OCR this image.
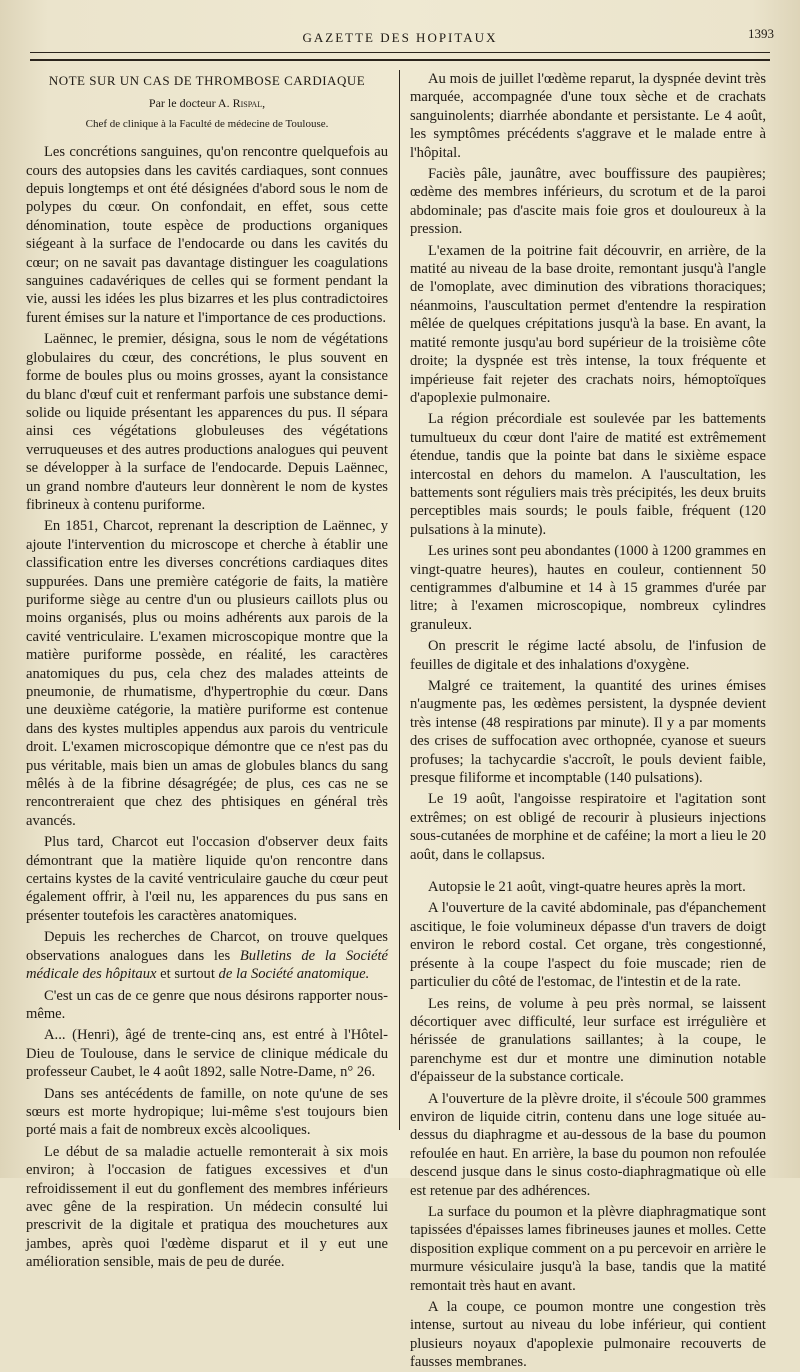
GAZETTE DES HOPITAUX	1393
NOTE SUR UN CAS DE THROMBOSE CARDIAQUE
Par le docteur A. Rispal,
Chef de clinique à la Faculté de médecine de Toulouse.

Les concrétions sanguines, qu'on rencontre quelquefois au cours des autopsies dans les cavités cardiaques, sont connues depuis longtemps et ont été désignées d'abord sous le nom de polypes du cœur. On confondait, en effet, sous cette dénomination, toute espèce de productions organiques siégeant à la surface de l'endocarde ou dans les cavités du cœur; on ne savait pas davantage distinguer les coagulations sanguines cadavériques de celles qui se forment pendant la vie, aussi les idées les plus bizarres et les plus contradictoires furent émises sur la nature et l'importance de ces productions.

Laënnec, le premier, désigna, sous le nom de végétations globulaires du cœur, des concrétions, le plus souvent en forme de boules plus ou moins grosses, ayant la consistance du blanc d'œuf cuit et renfermant parfois une substance demi-solide ou liquide présentant les apparences du pus. Il sépara ainsi ces végétations globuleuses des végétations verruqueuses et des autres productions analogues qui peuvent se développer à la surface de l'endocarde. Depuis Laënnec, un grand nombre d'auteurs leur donnèrent le nom de kystes fibrineux à contenu puriforme.

En 1851, Charcot, reprenant la description de Laënnec, y ajoute l'intervention du microscope et cherche à établir une classification entre les diverses concrétions cardiaques dites suppurées. Dans une première catégorie de faits, la matière puriforme siège au centre d'un ou plusieurs caillots plus ou moins organisés, plus ou moins adhérents aux parois de la cavité ventriculaire. L'examen microscopique montre que la matière puriforme possède, en réalité, les caractères anatomiques du pus, cela chez des malades atteints de pneumonie, de rhumatisme, d'hypertrophie du cœur. Dans une deuxième catégorie, la matière puriforme est contenue dans des kystes multiples appendus aux parois du ventricule droit. L'examen microscopique démontre que ce n'est pas du pus véritable, mais bien un amas de globules blancs du sang mêlés à de la fibrine désagrégée; de plus, ces cas ne se rencontreraient que chez des phtisiques en général très avancés.

Plus tard, Charcot eut l'occasion d'observer deux faits démontrant que la matière liquide qu'on rencontre dans certains kystes de la cavité ventriculaire gauche du cœur peut également offrir, à l'œil nu, les apparences du pus sans en présenter toutefois les caractères anatomiques.

Depuis les recherches de Charcot, on trouve quelques observations analogues dans les Bulletins de la Société médicale des hôpitaux et surtout de la Société anatomique.

C'est un cas de ce genre que nous désirons rapporter nous-même.

A... (Henri), âgé de trente-cinq ans, est entré à l'Hôtel-Dieu de Toulouse, dans le service de clinique médicale du professeur Caubet, le 4 août 1892, salle Notre-Dame, n° 26.

Dans ses antécédents de famille, on note qu'une de ses sœurs est morte hydropique; lui-même s'est toujours bien porté mais a fait de nombreux excès alcooliques.

Le début de sa maladie actuelle remonterait à six mois environ; à l'occasion de fatigues excessives et d'un refroidissement il eut du gonflement des membres inférieurs avec gêne de la respiration. Un médecin consulté lui prescrivit de la digitale et pratiqua des mouchetures aux jambes, après quoi l'œdème disparut et il y eut une amélioration sensible, mais de peu de durée.

Au mois de juillet l'œdème reparut, la dyspnée devint très marquée, accompagnée d'une toux sèche et de crachats sanguinolents; diarrhée abondante et persistante. Le 4 août, les symptômes précédents s'aggrave et le malade entre à l'hôpital.

Faciès pâle, jaunâtre, avec bouffissure des paupières; œdème des membres inférieurs, du scrotum et de la paroi abdominale; pas d'ascite mais foie gros et douloureux à la pression.

L'examen de la poitrine fait découvrir, en arrière, de la matité au niveau de la base droite, remontant jusqu'à l'angle de l'omoplate, avec diminution des vibrations thoraciques; néanmoins, l'auscultation permet d'entendre la respiration mêlée de quelques crépitations jusqu'à la base. En avant, la matité remonte jusqu'au bord supérieur de la troisième côte droite; la dyspnée est très intense, la toux fréquente et impérieuse fait rejeter des crachats noirs, hémoptoïques d'apoplexie pulmonaire.

La région précordiale est soulevée par les battements tumultueux du cœur dont l'aire de matité est extrêmement étendue, tandis que la pointe bat dans le sixième espace intercostal en dehors du mamelon. A l'auscultation, les battements sont réguliers mais très précipités, les deux bruits perceptibles mais sourds; le pouls faible, fréquent (120 pulsations à la minute).

Les urines sont peu abondantes (1000 à 1200 grammes en vingt-quatre heures), hautes en couleur, contiennent 50 centigrammes d'albumine et 14 à 15 grammes d'urée par litre; à l'examen microscopique, nombreux cylindres granuleux.

On prescrit le régime lacté absolu, de l'infusion de feuilles de digitale et des inhalations d'oxygène.

Malgré ce traitement, la quantité des urines émises n'augmente pas, les œdèmes persistent, la dyspnée devient très intense (48 respirations par minute). Il y a par moments des crises de suffocation avec orthopnée, cyanose et sueurs profuses; la tachycardie s'accroît, le pouls devient faible, presque filiforme et incomptable (140 pulsations).

Le 19 août, l'angoisse respiratoire et l'agitation sont extrêmes; on est obligé de recourir à plusieurs injections sous-cutanées de morphine et de caféine; la mort a lieu le 20 août, dans le collapsus.

Autopsie le 21 août, vingt-quatre heures après la mort.

A l'ouverture de la cavité abdominale, pas d'épanchement ascitique, le foie volumineux dépasse d'un travers de doigt environ le rebord costal. Cet organe, très congestionné, présente à la coupe l'aspect du foie muscade; rien de particulier du côté de l'estomac, de l'intestin et de la rate.

Les reins, de volume à peu près normal, se laissent décortiquer avec difficulté, leur surface est irrégulière et hérissée de granulations saillantes; à la coupe, le parenchyme est dur et montre une diminution notable d'épaisseur de la substance corticale.

A l'ouverture de la plèvre droite, il s'écoule 500 grammes environ de liquide citrin, contenu dans une loge située au-dessus du diaphragme et au-dessous de la base du poumon refoulée en haut. En arrière, la base du poumon non refoulée descend jusque dans le sinus costo-diaphragmatique où elle est retenue par des adhérences.

La surface du poumon et la plèvre diaphragmatique sont tapissées d'épaisses lames fibrineuses jaunes et molles. Cette disposition explique comment on a pu percevoir en arrière le murmure vésiculaire jusqu'à la base, tandis que la matité remontait très haut en avant.

A la coupe, ce poumon montre une congestion très intense, surtout au niveau du lobe inférieur, qui contient plusieurs noyaux d'apoplexie pulmonaire recouverts de fausses membranes.
